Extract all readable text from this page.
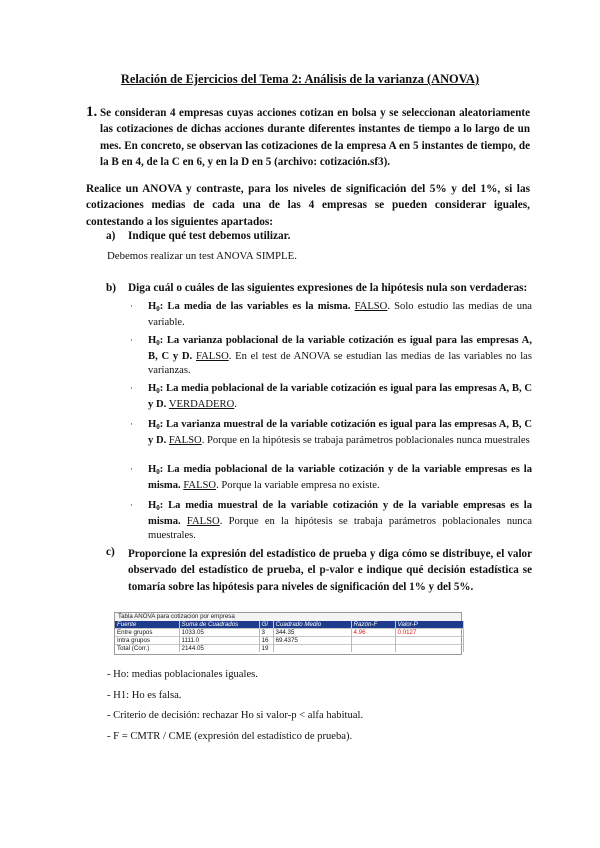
Relación de Ejercicios del Tema 2: Análisis de la varianza (ANOVA)
1. Se consideran 4 empresas cuyas acciones cotizan en bolsa y se seleccionan aleatoriamente las cotizaciones de dichas acciones durante diferentes instantes de tiempo a lo largo de un mes. En concreto, se observan las cotizaciones de la empresa A en 5 instantes de tiempo, de la B en 4, de la C en 6, y en la D en 5 (archivo: cotización.sf3).
Realice un ANOVA y contraste, para los niveles de significación del 5% y del 1%, si las cotizaciones medias de cada una de las 4 empresas se pueden considerar iguales, contestando a los siguientes apartados:
a) Indique qué test debemos utilizar.
Debemos realizar un test ANOVA SIMPLE.
b) Diga cuál o cuáles de las siguientes expresiones de la hipótesis nula son verdaderas:
· $H_0$: La media de las variables es la misma. FALSO. Solo estudio las medias de una variable.
· $H_0$: La varianza poblacional de la variable cotización es igual para las empresas A, B, C y D. FALSO. En el test de ANOVA se estudian las medias de las variables no las varianzas.
· $H_0$: La media poblacional de la variable cotización es igual para las empresas A, B, C y D. VERDADERO.
· $H_0$: La varianza muestral de la variable cotización es igual para las empresas A, B, C y D. FALSO. Porque en la hipótesis se trabaja parámetros poblacionales nunca muestrales
· $H_0$: La media poblacional de la variable cotización y de la variable empresas es la misma. FALSO. Porque la variable empresa no existe.
· $H_0$: La media muestral de la variable cotización y de la variable empresas es la misma. FALSO. Porque en la hipótesis se trabaja parámetros poblacionales nunca muestrales.
c) Proporcione la expresión del estadístico de prueba y diga cómo se distribuye, el valor observado del estadístico de prueba, el p-valor e indique qué decisión estadística se tomaría sobre las hipótesis para niveles de significación del 1% y del 5%.
Tabla ANOVA para cotizacion por empresa
Fuente	Suma de Cuadrados	Gl	Cuadrado Medio	Razón-F	Valor-P
Entre grupos	1033.05	3	344.35	4.96	0.0127
Intra grupos	1111.0	16	69.4375		
Total (Corr.)	2144.05	19			
- Ho: medias poblacionales iguales.
- H1: Ho es falsa.
- Criterio de decisión: rechazar Ho si valor-p < alfa habitual.
- F = CMTR / CME (expresión del estadístico de prueba).
